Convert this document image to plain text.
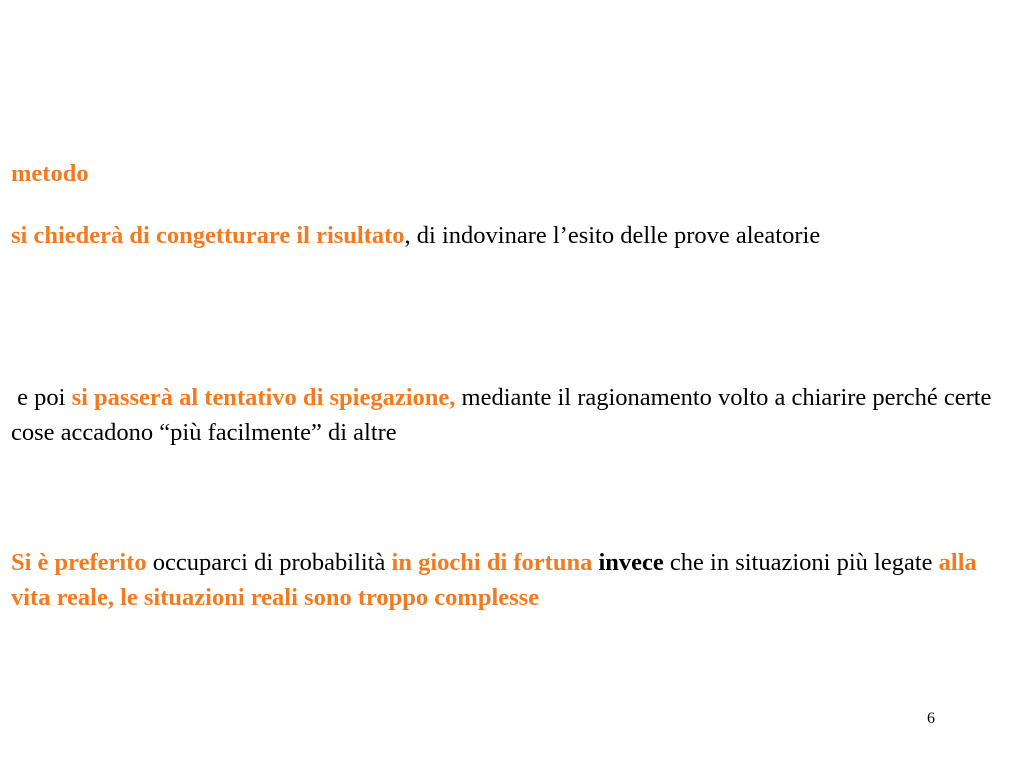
metodo

si chiederà di congetturare il risultato, di indovinare l’esito delle prove aleatorie

e poi si passerà al tentativo di spiegazione, mediante il ragionamento volto a chiarire perché certe cose accadono “più facilmente” di altre

Si è preferito occuparci di probabilità in giochi di fortuna invece che in situazioni più legate alla vita reale, le situazioni reali sono troppo complesse

6
